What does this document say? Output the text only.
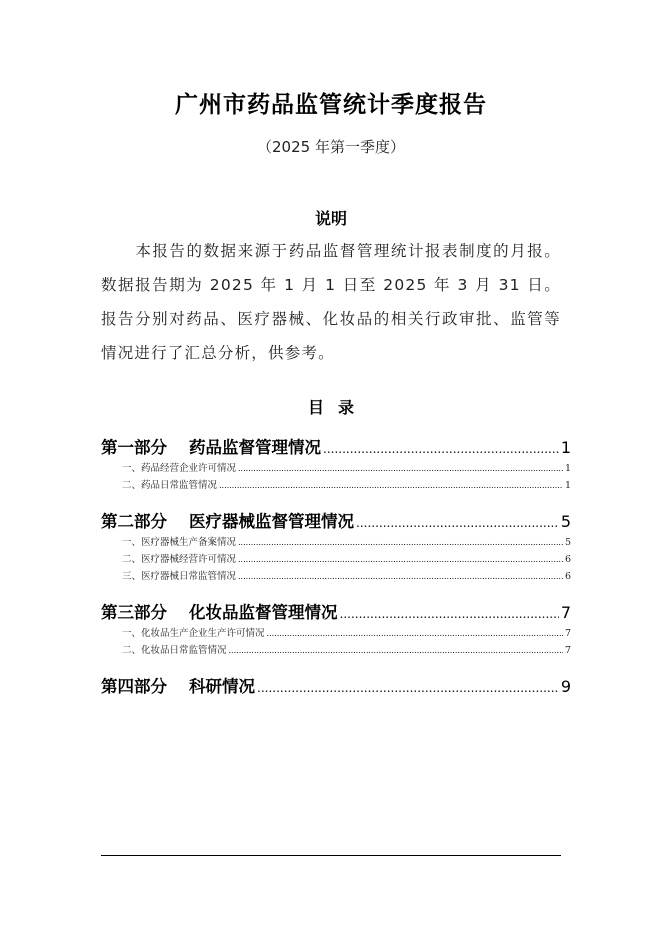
广州市药品监管统计季度报告
（2025 年第一季度）
说明
本报告的数据来源于药品监督管理统计报表制度的月报。数据报告期为 2025 年 1 月 1 日至 2025 年 3 月 31 日。报告分别对药品、医疗器械、化妆品的相关行政审批、监管等情况进行了汇总分析，供参考。
目录
第一部分 药品监督管理情况 .....	1
一、药品经营企业许可情况 .....	1
二、药品日常监管情况 .....	1
第二部分 医疗器械监督管理情况 .....	5
一、医疗器械生产备案情况 .....	5
二、医疗器械经营许可情况 .....	6
三、医疗器械日常监管情况 .....	6
第三部分 化妆品监督管理情况 .....	7
一、化妆品生产企业生产许可情况 .....	7
二、化妆品日常监管情况 .....	7
第四部分 科研情况 .....	9
